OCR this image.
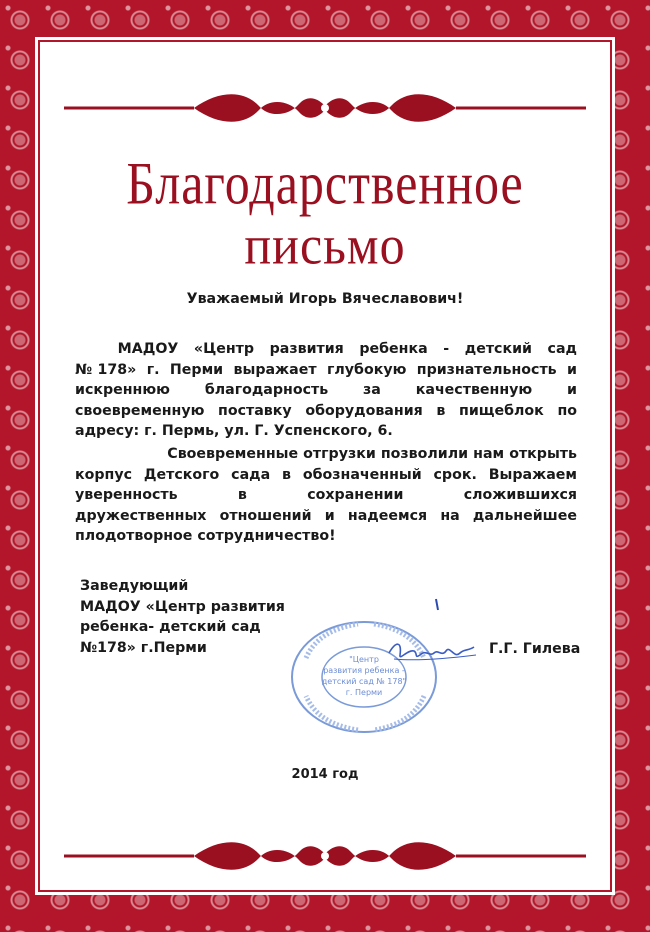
Благодарственное
письмо
Уважаемый Игорь Вячеславович!
МАДОУ «Центр развития ребенка - детский сад
№178» г. Перми выражает глубокую признательность и
искреннюю благодарность за качественную и
своевременную поставку оборудования в пищеблок по
адресу: г. Пермь, ул. Г. Успенского, 6.
Своевременные отгрузки позволили нам открыть
корпус Детского сада в обозначенный срок. Выражаем
уверенность в сохранении сложившихся
дружественных отношений и надеемся на дальнейшее
плодотворное сотрудничество!
Заведующий
МАДОУ «Центр развития
ребенка- детский сад
№178» г.Перми
"Центр
развития ребенка -
детский сад № 178"
г. Перми
Г.Г. Гилева
2014 год
